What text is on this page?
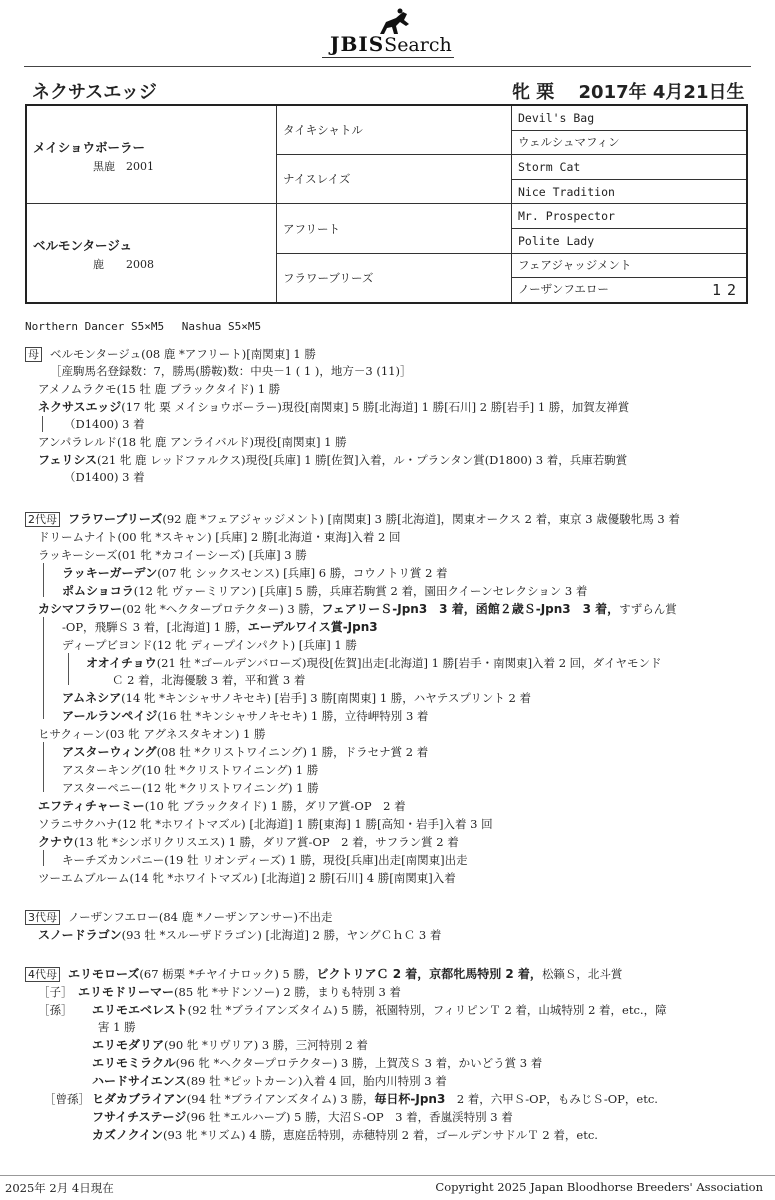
JBISSearch
ネクサスエッジ	牝 栗　 2017年 4月21日生
メイショウボーラー
黒鹿　2001	タイキシャトル	Devil's Bag
		ウェルシュマフィン
	ナイスレイズ	Storm Cat
		Nice Tradition

ベルモンタージュ
鹿　　2008	アフリート	Mr. Prospector
		Polite Lady
	フラワーブリーズ	フェアジャッジメント
		ノーザンフエロー 12
Northern Dancer S5×M5　 Nashua S5×M5
母 ベルモンタージュ(08 鹿 *アフリート)[南関東] 1 勝
［産駒馬名登録数：7，勝馬(勝鞍)数：中央－1 ( 1 )，地方－3 (11)］
アメノムラクモ(15 牡 鹿 ブラックタイド) 1 勝
ネクサスエッジ(17 牝 栗 メイショウボーラー)現役[南関東] 5 勝[北海道] 1 勝[石川] 2 勝[岩手] 1 勝，加賀友禅賞
（D1400) 3 着
アンパラレルド(18 牝 鹿 アンライバルド)現役[南関東] 1 勝
フェリシス(21 牝 鹿 レッドファルクス)現役[兵庫] 1 勝[佐賀]入着，ル・プランタン賞(D1800) 3 着，兵庫若駒賞
（D1400) 3 着
2代母 フラワーブリーズ(92 鹿 *フェアジャッジメント) [南関東] 3 勝[北海道]，関東オークス 2 着，東京 3 歳優駿牝馬 3 着
ドリームナイト(00 牝 *スキャン) [兵庫] 2 勝[北海道・東海]入着 2 回
ラッキーシーズ(01 牝 *カコイーシーズ) [兵庫] 3 勝
ラッキーガーデン(07 牝 シックスセンス) [兵庫] 6 勝，コウノトリ賞 2 着
ポムショコラ(12 牝 ヴァーミリアン) [兵庫] 5 勝，兵庫若駒賞 2 着，園田クイーンセレクション 3 着
カシマフラワー(02 牝 *ヘクタープロテクター) 3 勝，フェアリーＳ-Jpn3　3 着，函館２歳Ｓ-Jpn3　3 着，すずらん賞
-OP，飛騨Ｓ 3 着，[北海道] 1 勝，エーデルワイス賞-Jpn3
ディープビヨンド(12 牝 ディープインパクト) [兵庫] 1 勝
オオイチョウ(21 牡 *ゴールデンバローズ)現役[佐賀]出走[北海道] 1 勝[岩手・南関東]入着 2 回，ダイヤモンド
Ｃ 2 着，北海優駿 3 着，平和賞 3 着
アムネシア(14 牝 *キンシャサノキセキ) [岩手] 3 勝[南関東] 1 勝，ハヤテスプリント 2 着
アールランペイジ(16 牡 *キンシャサノキセキ) 1 勝，立待岬特別 3 着
ヒサクィーン(03 牝 アグネスタキオン) 1 勝
アスターウィング(08 牡 *クリストワイニング) 1 勝，ドラセナ賞 2 着
アスターキング(10 牡 *クリストワイニング) 1 勝
アスターペニー(12 牝 *クリストワイニング) 1 勝
エフティチャーミー(10 牝 ブラックタイド) 1 勝，ダリア賞-OP　2 着
ソラニサクハナ(12 牝 *ホワイトマズル) [北海道] 1 勝[東海] 1 勝[高知・岩手]入着 3 回
クナウ(13 牝 *シンボリクリスエス) 1 勝，ダリア賞-OP　2 着，サフラン賞 2 着
キーチズカンパニー(19 牡 リオンディーズ) 1 勝，現役[兵庫]出走[南関東]出走
ツーエムブルーム(14 牝 *ホワイトマズル) [北海道] 2 勝[石川] 4 勝[南関東]入着
3代母 ノーザンフエロー(84 鹿 *ノーザンアンサー)不出走
スノードラゴン(93 牡 *スルーザドラゴン) [北海道] 2 勝，ヤングＣｈＣ 3 着
4代母 エリモローズ(67 栃栗 *チヤイナロック) 5 勝，ビクトリアＣ 2 着，京都牝馬特別 2 着，松籟Ｓ，北斗賞
［子］ エリモドリーマー(85 牝 *サドンソー) 2 勝，まりも特別 3 着
［孫］ エリモエベレスト(92 牡 *ブライアンズタイム) 5 勝，祇園特別，フィリピンＴ 2 着，山城特別 2 着，etc.，障
害 1 勝
エリモダリア(90 牝 *リヴリア) 3 勝，三河特別 2 着
エリモミラクル(96 牝 *ヘクタープロテクター) 3 勝，上賀茂Ｓ 3 着，かいどう賞 3 着
ハードサイエンス(89 牡 *ピットカーン)入着 4 回，胎内川特別 3 着
［曾孫］ ヒダカブライアン(94 牡 *ブライアンズタイム) 3 勝，毎日杯-Jpn3　2 着，六甲Ｓ-OP，もみじＳ-OP，etc.
フサイチステージ(96 牡 *エルハーブ) 5 勝，大沼Ｓ-OP　3 着，香嵐渓特別 3 着
カズノクイン(93 牝 *リズム) 4 勝，恵庭岳特別，赤穂特別 2 着，ゴールデンサドルＴ 2 着，etc.
2025年 2月 4日現在	Copyright 2025 Japan Bloodhorse Breeders' Association
